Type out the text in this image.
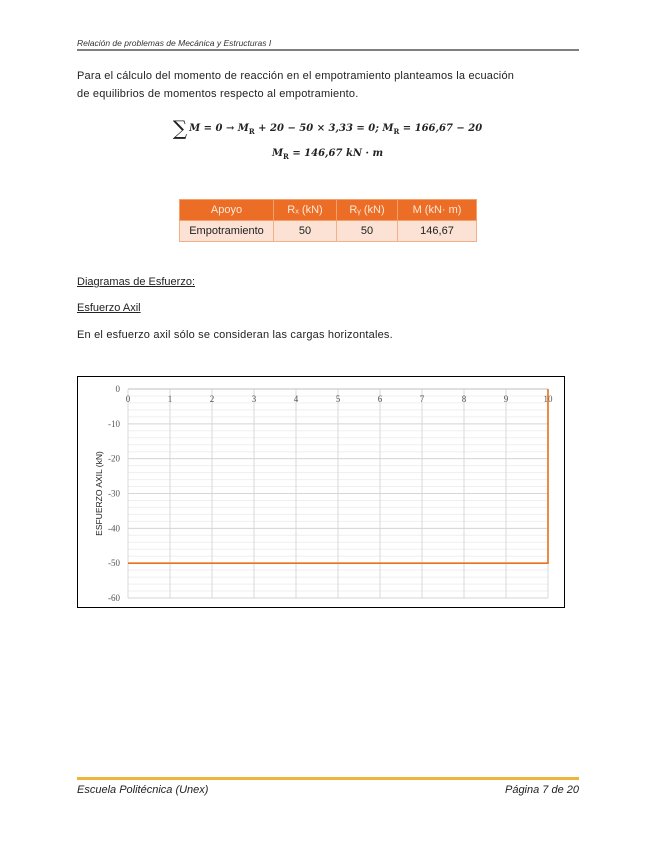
Relación de problemas de Mecánica y Estructuras I
Para el cálculo del momento de reacción en el empotramiento planteamos la ecuación
de equilibrios de momentos respecto al empotramiento.
∑ $M = 0 \to M_R + 20 - 50 \times 3,33 = 0$; $M_R = 166,67 - 20$
$M_R = 146,67$ kN · m
Apoyo	Rₓ (kN)	Rᵧ (kN)	M (kN· m)
Empotramiento	50	50	146,67
Diagramas de Esfuerzo:
Esfuerzo Axil
En el esfuerzo axil sólo se consideran las cargas horizontales.
0	1	2	3	4	5	6	7	8	9	10
0
-10
-20
-30
-40
-50
-60
ESFUERZO AXIL (kN)
Escuela Politécnica (Unex)	Página 7 de 20
